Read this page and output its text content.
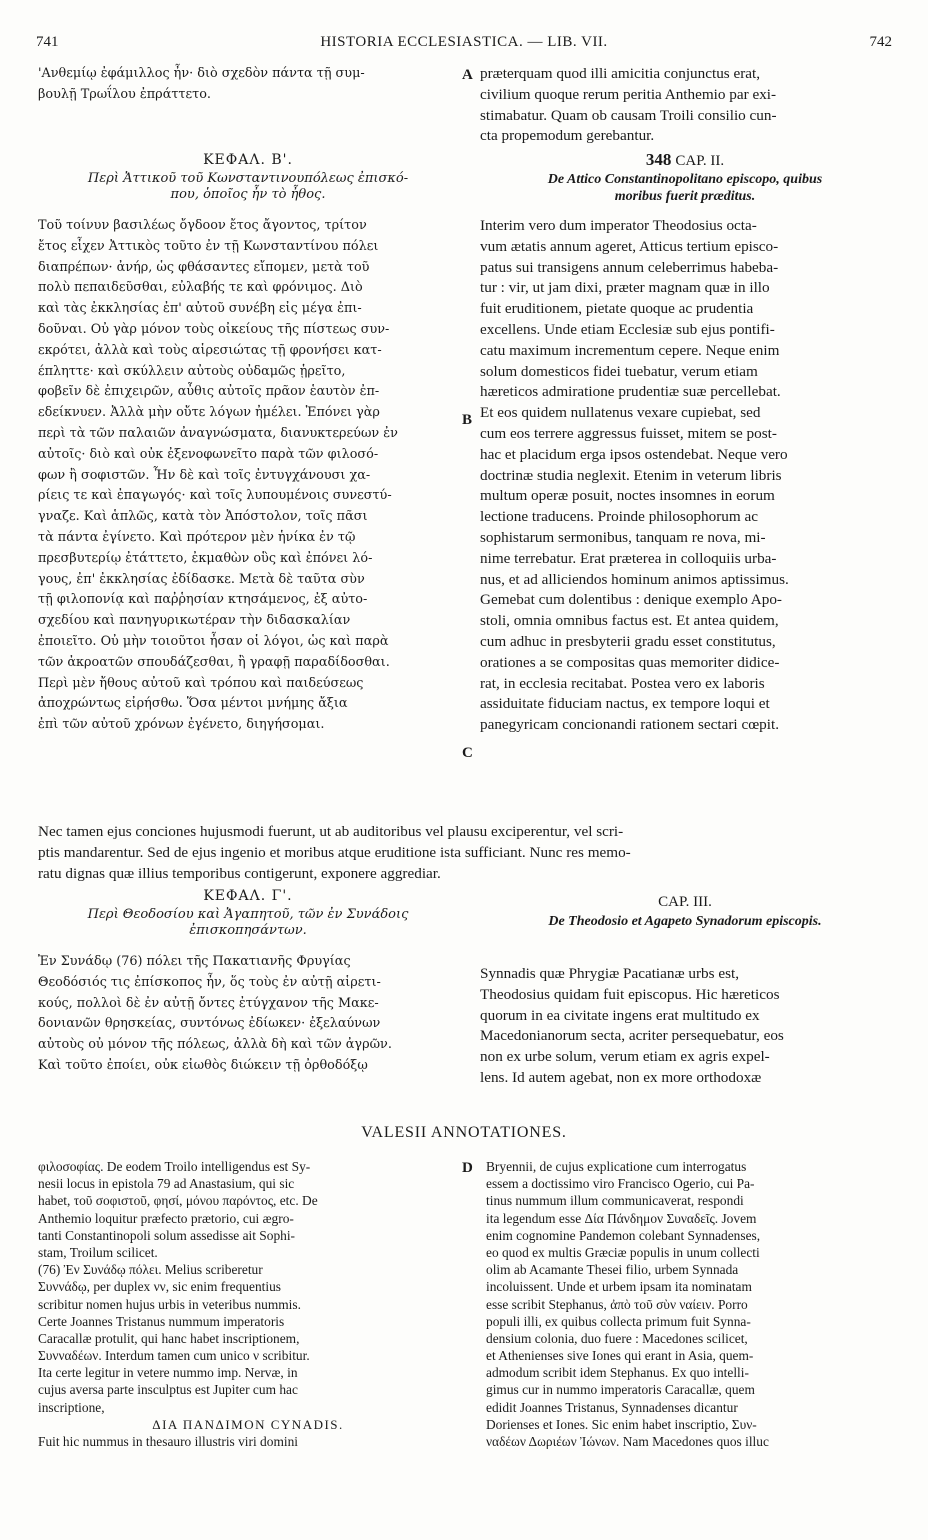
741	HISTORIA ECCLESIASTICA. — LIB. VII.	742
'Ανθεμίῳ ἐφάμιλλος ἦν· διὸ σχεδὸν πάντα τῇ συμ-
βουλῇ Τρωΐλου ἐπράττετο.
ΚΕΦΑΛ. Β'.
Περὶ Ἀττικοῦ τοῦ Κωνσταντινουπόλεως ἐπισκό-
που, ὁποῖος ἦν τὸ ἦθος.
Τοῦ τοίνυν βασιλέως ὄγδοον ἔτος ἄγοντος, τρίτον
ἔτος εἶχεν Ἀττικὸς τοῦτο ἐν τῇ Κωνσταντίνου πόλει
διαπρέπων· ἀνήρ, ὡς φθάσαντες εἴπομεν, μετὰ τοῦ
πολὺ πεπαιδεῦσθαι, εὐλαβής τε καὶ φρόνιμος. Διὸ
καὶ τὰς ἐκκλησίας ἐπ' αὐτοῦ συνέβη εἰς μέγα ἐπι-
δοῦναι. Οὐ γὰρ μόνον τοὺς οἰκείους τῆς πίστεως συν-
εκρότει, ἀλλὰ καὶ τοὺς αἱρεσιώτας τῇ φρονήσει κατ-
έπληττε· καὶ σκύλλειν αὐτοὺς οὐδαμῶς ᾑρεῖτο,
φοβεῖν δὲ ἐπιχειρῶν, αὖθις αὐτοῖς πρᾶον ἑαυτὸν ἐπ-
εδείκνυεν. Ἀλλὰ μὴν οὔτε λόγων ἠμέλει. Ἐπόνει γὰρ
περὶ τὰ τῶν παλαιῶν ἀναγνώσματα, διανυκτερεύων ἐν
αὐτοῖς· διὸ καὶ οὐκ ἐξενοφωνεῖτο παρὰ τῶν φιλοσό-
φων ἢ σοφιστῶν. Ἦν δὲ καὶ τοῖς ἐντυγχάνουσι χα-
ρίεις τε καὶ ἐπαγωγός· καὶ τοῖς λυπουμένοις συνεστύ-
γναζε. Καὶ ἁπλῶς, κατὰ τὸν Ἀπόστολον, τοῖς πᾶσι
τὰ πάντα ἐγίνετο. Καὶ πρότερον μὲν ἡνίκα ἐν τῷ
πρεσβυτερίῳ ἐτάττετο, ἐκμαθὼν οὓς καὶ ἐπόνει λό-
γους, ἐπ' ἐκκλησίας ἐδίδασκε. Μετὰ δὲ ταῦτα σὺν
τῇ φιλοπονίᾳ καὶ παῤῥησίαν κτησάμενος, ἐξ αὐτο-
σχεδίου καὶ πανηγυρικωτέραν τὴν διδασκαλίαν
ἐποιεῖτο. Οὐ μὴν τοιοῦτοι ἦσαν οἱ λόγοι, ὡς καὶ παρὰ
τῶν ἀκροατῶν σπουδάζεσθαι, ἢ γραφῇ παραδίδοσθαι.
Περὶ μὲν ἤθους αὐτοῦ καὶ τρόπου καὶ παιδεύσεως
ἀποχρώντως εἰρήσθω. Ὅσα μέντοι μνήμης ἄξια
ἐπὶ τῶν αὐτοῦ χρόνων ἐγένετο, διηγήσομαι.
præterquam quod illi amicitia conjunctus erat,
civilium quoque rerum peritia Anthemio par exi-
stimabatur. Quam ob causam Troili consilio cun-
cta propemodum gerebantur.
348 CAP. II.
De Attico Constantinopolitano episcopo, quibus
moribus fuerit præditus.
Interim vero dum imperator Theodosius octa-
vum ætatis annum ageret, Atticus tertium episco-
patus sui transigens annum celeberrimus habeba-
tur : vir, ut jam dixi, præter magnam quæ in illo
fuit eruditionem, pietate quoque ac prudentia
excellens. Unde etiam Ecclesiæ sub ejus pontifi-
catu maximum incrementum cepere. Neque enim
solum domesticos fidei tuebatur, verum etiam
hæreticos admiratione prudentiæ suæ percellebat.
Et eos quidem nullatenus vexare cupiebat, sed
cum eos terrere aggressus fuisset, mitem se post-
hac et placidum erga ipsos ostendebat. Neque vero
doctrinæ studia neglexit. Etenim in veterum libris
multum operæ posuit, noctes insomnes in eorum
lectione traducens. Proinde philosophorum ac
sophistarum sermonibus, tanquam re nova, mi-
nime terrebatur. Erat præterea in colloquiis urba-
nus, et ad alliciendos hominum animos aptissimus.
Gemebat cum dolentibus : denique exemplo Apo-
stoli, omnia omnibus factus est. Et antea quidem,
cum adhuc in presbyterii gradu esset constitutus,
orationes a se compositas quas memoriter didice-
rat, in ecclesia recitabat. Postea vero ex laboris
assiduitate fiduciam nactus, ex tempore loqui et
panegyricam concionandi rationem sectari cœpit.
A
B
C
D
Nec tamen ejus conciones hujusmodi fuerunt, ut ab auditoribus vel plausu exciperentur, vel scri-
ptis mandarentur. Sed de ejus ingenio et moribus atque eruditione ista sufficiant. Nunc res memo-
ratu dignas quæ illius temporibus contigerunt, exponere aggrediar.
ΚΕΦΑΛ. Γ'.
Περὶ Θεοδοσίου καὶ Ἀγαπητοῦ, τῶν ἐν Συνάδοις
ἐπισκοπησάντων.
CAP. III.
De Theodosio et Agapeto Synadorum episcopis.
Ἐν Συνάδῳ (76) πόλει τῆς Πακατιανῆς Φρυγίας
Θεοδόσιός τις ἐπίσκοπος ἦν, ὅς τοὺς ἐν αὐτῇ αἱρετι-
κούς, πολλοὶ δὲ ἐν αὐτῇ ὄντες ἐτύγχανον τῆς Μακε-
δονιανῶν θρησκείας, συντόνως ἐδίωκεν· ἐξελαύνων
αὐτοὺς οὐ μόνον τῆς πόλεως, ἀλλὰ δὴ καὶ τῶν ἀγρῶν.
Καὶ τοῦτο ἐποίει, οὐκ εἰωθὸς διώκειν τῇ ὀρθοδόξῳ
Synnadis quæ Phrygiæ Pacatianæ urbs est,
Theodosius quidam fuit episcopus. Hic hæreticos
quorum in ea civitate ingens erat multitudo ex
Macedonianorum secta, acriter persequebatur, eos
non ex urbe solum, verum etiam ex agris expel-
lens. Id autem agebat, non ex more orthodoxæ
VALESII ANNOTATIONES.
φιλοσοφίας. De eodem Troilo intelligendus est Sy-
nesii locus in epistola 79 ad Anastasium, qui sic
habet, τοῦ σοφιστοῦ, φησί, μόνου παρόντος, etc. De
Anthemio loquitur præfecto prætorio, cui ægro-
tanti Constantinopoli solum assedisse ait Sophi-
stam, Troilum scilicet.
(76) Ἐν Συνάδῳ πόλει. Melius scriberetur
Συννάδῳ, per duplex νν, sic enim frequentius
scribitur nomen hujus urbis in veteribus nummis.
Certe Joannes Tristanus nummum imperatoris
Caracallæ protulit, qui hanc habet inscriptionem,
Συνναδέων. Interdum tamen cum unico ν scribitur.
Ita certe legitur in vetere nummo imp. Nervæ, in
cujus aversa parte insculptus est Jupiter cum hac
inscriptione,
ΔΙΑ ΠΑΝΔΙΜΟΝ CΥΝΑDIS.
Fuit hic nummus in thesauro illustris viri domini
Bryennii, de cujus explicatione cum interrogatus
essem a doctissimo viro Francisco Ogerio, cui Pa-
tinus nummum illum communicaverat, respondi
ita legendum esse Δία Πάνδημον Συναδεῖς. Jovem
enim cognomine Pandemon colebant Synnadenses,
eo quod ex multis Græciæ populis in unum collecti
olim ab Acamante Thesei filio, urbem Synnada
incoluissent. Unde et urbem ipsam ita nominatam
esse scribit Stephanus, ἀπὸ τοῦ σὺν ναίειν. Porro
populi illi, ex quibus collecta primum fuit Synna-
densium colonia, duo fuere : Macedones scilicet,
et Athenienses sive Iones qui erant in Asia, quem-
admodum scribit idem Stephanus. Ex quo intelli-
gimus cur in nummo imperatoris Caracallæ, quem
edidit Joannes Tristanus, Synnadenses dicantur
Dorienses et Iones. Sic enim habet inscriptio, Συν-
ναδέων Δωριέων Ἰώνων. Nam Macedones quos illuc
